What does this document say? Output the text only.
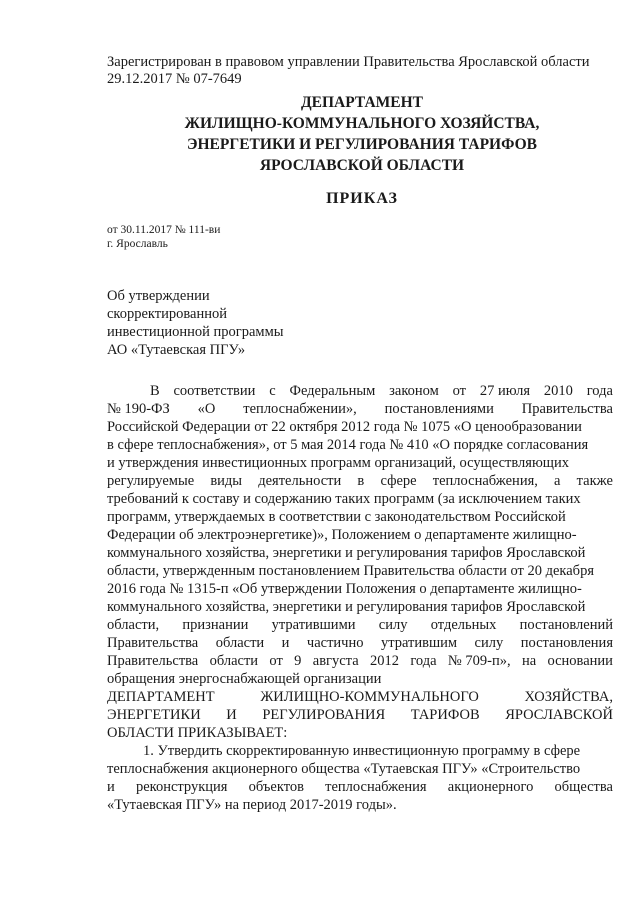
Зарегистрирован в правовом управлении Правительства Ярославской области
29.12.2017 № 07-7649
ДЕПАРТАМЕНТ
ЖИЛИЩНО-КОММУНАЛЬНОГО ХОЗЯЙСТВА,
ЭНЕРГЕТИКИ И РЕГУЛИРОВАНИЯ ТАРИФОВ
ЯРОСЛАВСКОЙ ОБЛАСТИ
ПРИКАЗ
от 30.11.2017 № 111-ви
г. Ярославль
Об утверждении
скорректированной
инвестиционной программы
АО «Тутаевская ПГУ»
В соответствии с Федеральным законом от 27 июля 2010 года
№ 190-ФЗ «О теплоснабжении», постановлениями Правительства
Российской Федерации от 22 октября 2012 года № 1075 «О ценообразовании
в сфере теплоснабжения», от 5 мая 2014 года № 410 «О порядке согласования
и утверждения инвестиционных программ организаций, осуществляющих
регулируемые виды деятельности в сфере теплоснабжения, а также
требований к составу и содержанию таких программ (за исключением таких
программ, утверждаемых в соответствии с законодательством Российской
Федерации об электроэнергетике)», Положением о департаменте жилищно-
коммунального хозяйства, энергетики и регулирования тарифов Ярославской
области, утвержденным постановлением Правительства области от 20 декабря
2016 года № 1315-п «Об утверждении Положения о департаменте жилищно-
коммунального хозяйства, энергетики и регулирования тарифов Ярославской
области, признании утратившими силу отдельных постановлений
Правительства области и частично утратившим силу постановления
Правительства области от 9 августа 2012 года № 709-п», на основании
обращения энергоснабжающей организации
ДЕПАРТАМЕНТ	ЖИЛИЩНО-КОММУНАЛЬНОГО	ХОЗЯЙСТВА,
ЭНЕРГЕТИКИ И РЕГУЛИРОВАНИЯ ТАРИФОВ ЯРОСЛАВСКОЙ
ОБЛАСТИ ПРИКАЗЫВАЕТ:
1. Утвердить скорректированную инвестиционную программу в сфере
теплоснабжения акционерного общества «Тутаевская ПГУ» «Строительство
и реконструкция объектов теплоснабжения акционерного общества
«Тутаевская ПГУ» на период 2017-2019 годы».
